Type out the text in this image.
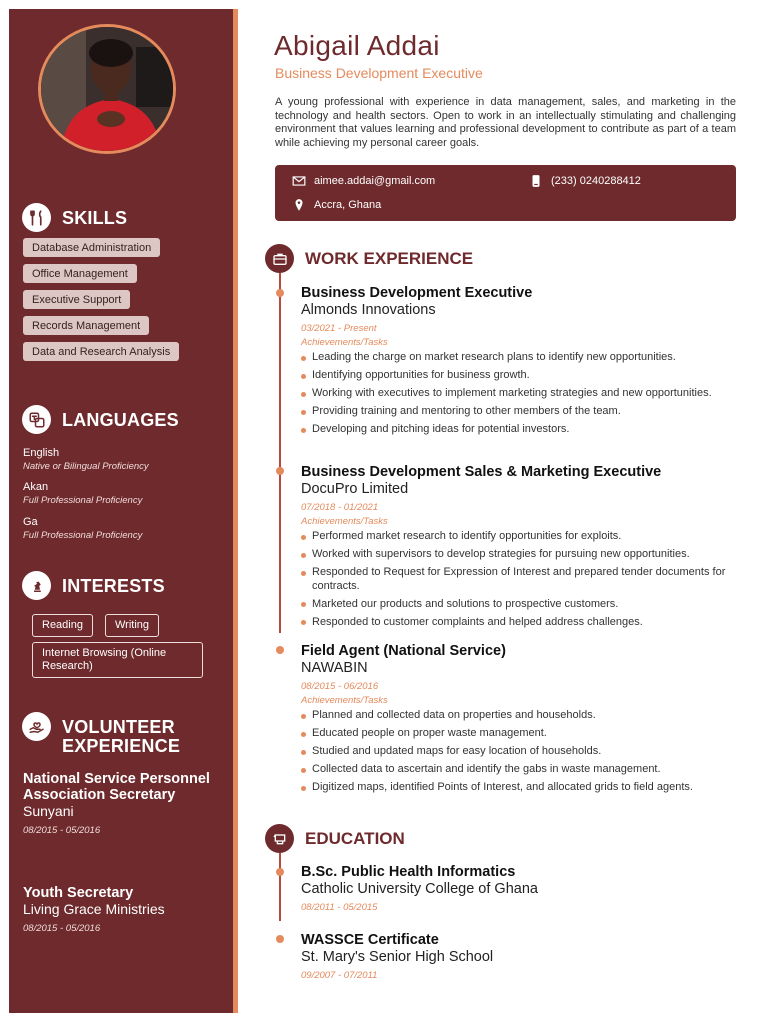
SKILLS
Database Administration
Office Management
Executive Support
Records Management
Data and Research Analysis
LANGUAGES
English
Native or Bilingual Proficiency
Akan
Full Professional Proficiency
Ga
Full Professional Proficiency
INTERESTS
Reading	Writing
Internet Browsing (Online Research)
VOLUNTEER
EXPERIENCE
National Service Personnel Association Secretary
Sunyani
08/2015 - 05/2016
Youth Secretary
Living Grace Ministries
08/2015 - 05/2016
Abigail Addai
Business Development Executive
A young professional with experience in data management, sales, and marketing in the technology and health sectors. Open to work in an intellectually stimulating and challenging environment that values learning and professional development to contribute as part of a team while achieving my personal career goals.
aimee.addai@gmail.com	(233) 0240288412
Accra, Ghana
WORK EXPERIENCE
Business Development Executive
Almonds Innovations
03/2021 - Present
Achievements/Tasks
Leading the charge on market research plans to identify new opportunities.
Identifying opportunities for business growth.
Working with executives to implement marketing strategies and new opportunities.
Providing training and mentoring to other members of the team.
Developing and pitching ideas for potential investors.
Business Development Sales & Marketing Executive
DocuPro Limited
07/2018 - 01/2021
Achievements/Tasks
Performed market research to identify opportunities for exploits.
Worked with supervisors to develop strategies for pursuing new opportunities.
Responded to Request for Expression of Interest and prepared tender documents for contracts.
Marketed our products and solutions to prospective customers.
Responded to customer complaints and helped address challenges.
Field Agent (National Service)
NAWABIN
08/2015 - 06/2016
Achievements/Tasks
Planned and collected data on properties and households.
Educated people on proper waste management.
Studied and updated maps for easy location of households.
Collected data to ascertain and identify the gabs in waste management.
Digitized maps, identified Points of Interest, and allocated grids to field agents.
EDUCATION
B.Sc. Public Health Informatics
Catholic University College of Ghana
08/2011 - 05/2015
WASSCE Certificate
St. Mary's Senior High School
09/2007 - 07/2011
